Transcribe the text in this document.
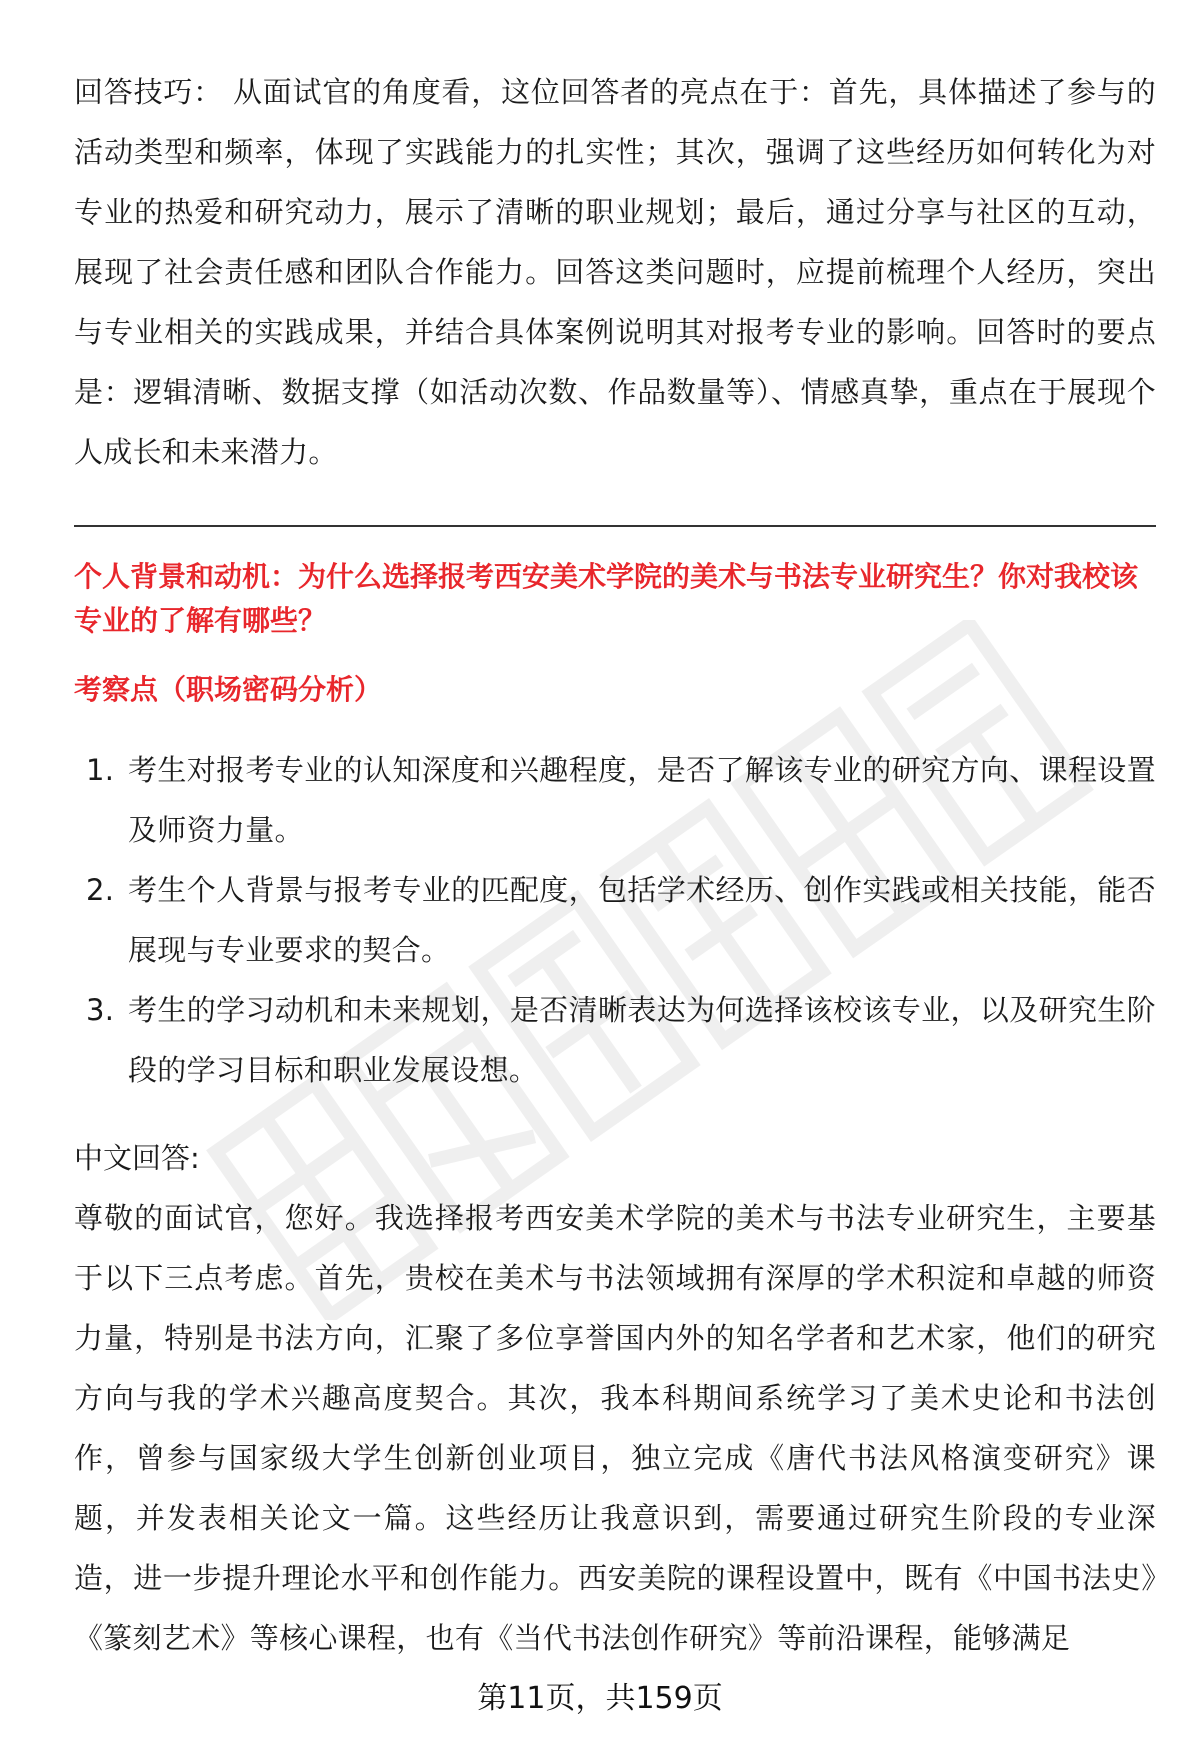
回答技巧： 从面试官的角度看，这位回答者的亮点在于：首先，具体描述了参与的活动类型和频率，体现了实践能力的扎实性；其次，强调了这些经历如何转化为对专业的热爱和研究动力，展示了清晰的职业规划；最后，通过分享与社区的互动，展现了社会责任感和团队合作能力。回答这类问题时，应提前梳理个人经历，突出与专业相关的实践成果，并结合具体案例说明其对报考专业的影响。回答时的要点是：逻辑清晰、数据支撑（如活动次数、作品数量等）、情感真挚，重点在于展现个人成长和未来潜力。

个人背景和动机：为什么选择报考西安美术学院的美术与书法专业研究生？你对我校该专业的了解有哪些？
考察点（职场密码分析）
1. 考生对报考专业的认知深度和兴趣程度，是否了解该专业的研究方向、课程设置及师资力量。
2. 考生个人背景与报考专业的匹配度，包括学术经历、创作实践或相关技能，能否展现与专业要求的契合。
3. 考生的学习动机和未来规划，是否清晰表达为何选择该校该专业，以及研究生阶段的学习目标和职业发展设想。

中文回答:

尊敬的面试官，您好。我选择报考西安美术学院的美术与书法专业研究生，主要基于以下三点考虑。首先，贵校在美术与书法领域拥有深厚的学术积淀和卓越的师资力量，特别是书法方向，汇聚了多位享誉国内外的知名学者和艺术家，他们的研究方向与我的学术兴趣高度契合。其次，我本科期间系统学习了美术史论和书法创作，曾参与国家级大学生创新创业项目，独立完成《唐代书法风格演变研究》课题，并发表相关论文一篇。这些经历让我意识到，需要通过研究生阶段的专业深造，进一步提升理论水平和创作能力。西安美院的课程设置中，既有《中国书法史》《篆刻艺术》等核心课程，也有《当代书法创作研究》等前沿课程，能够满足

第11页，共159页
